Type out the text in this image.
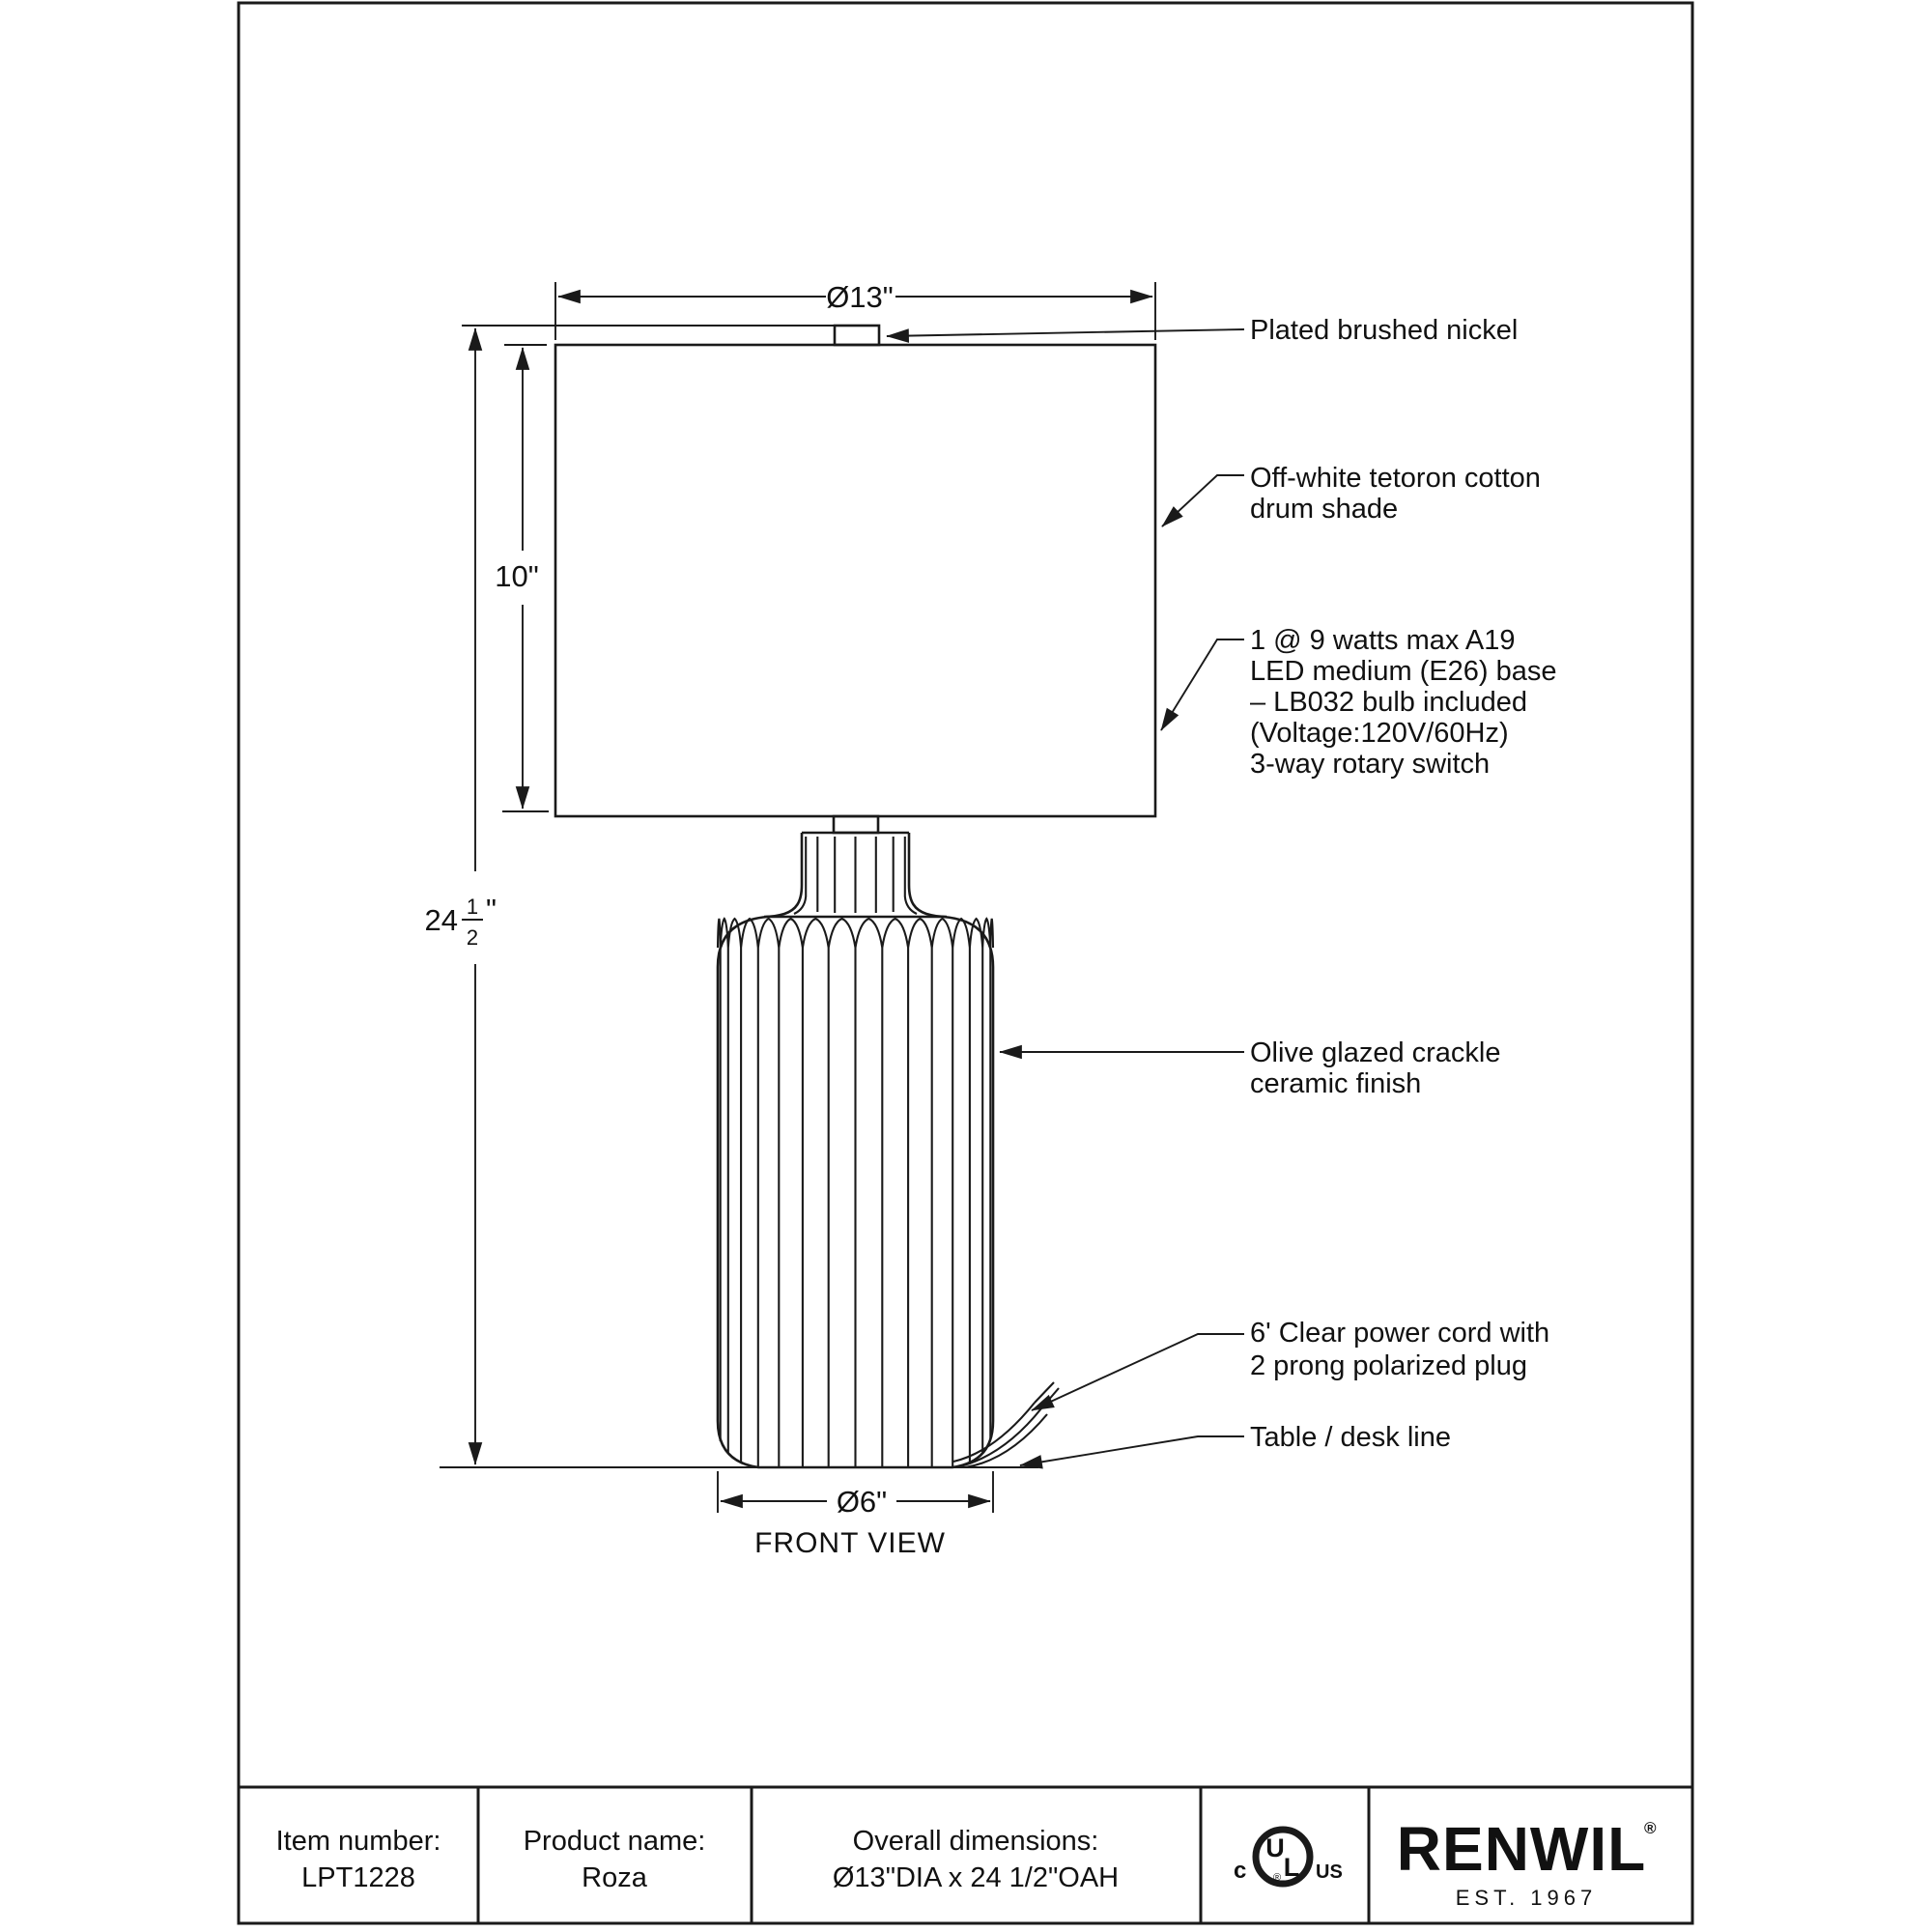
Ø13"
10"
24 1
2
"
Ø6"
FRONT VIEW
Plated brushed nickel
Off-white tetoron cotton
drum shade
1 @ 9 watts max A19
LED medium (E26) base
– LB032 bulb included
(Voltage:120V/60Hz)
3-way rotary switch
Olive glazed crackle
ceramic finish
6' Clear power cord with
2 prong polarized plug
Table / desk line
Item number:
LPT1228
Product name:
Roza
Overall dimensions:
Ø13"DIA x 24 1/2"OAH
U
L
®
c	US RENWIL
®
EST. 1967
